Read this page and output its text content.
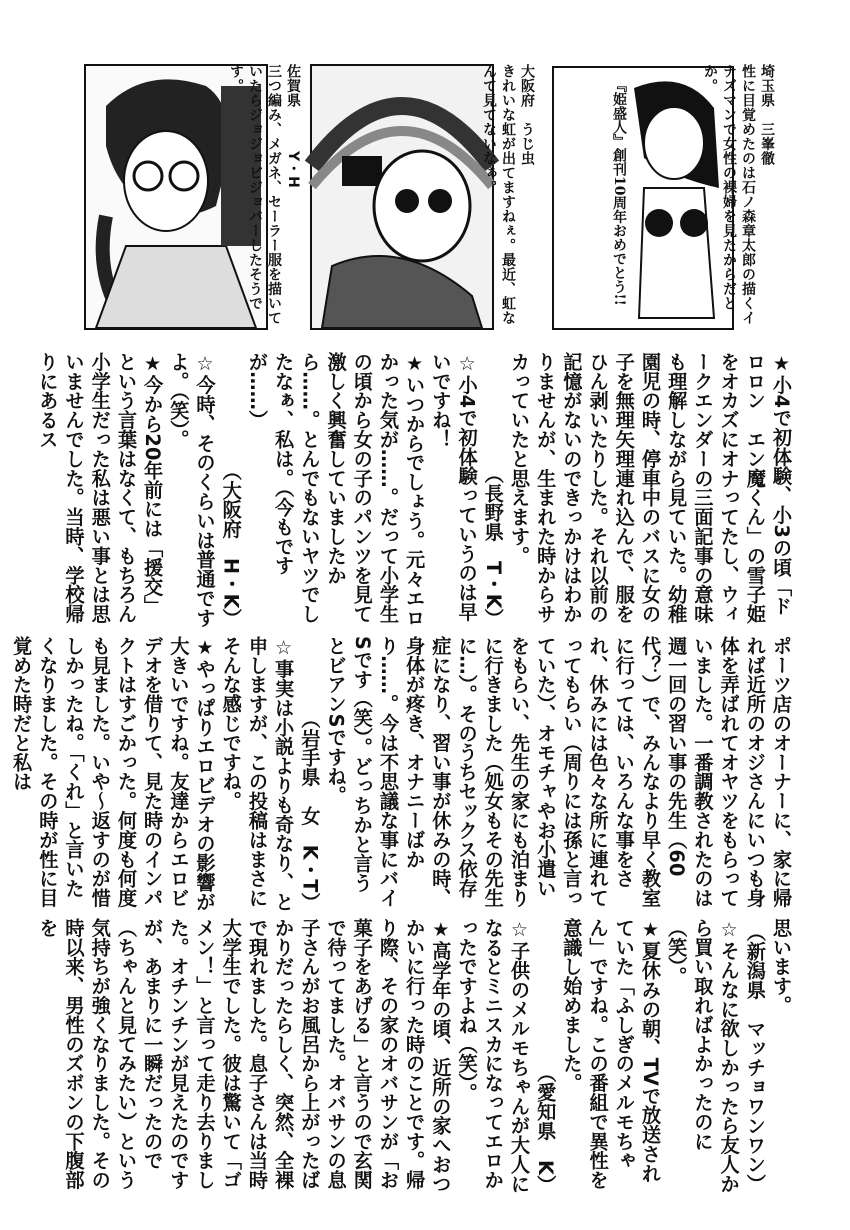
佐賀県　　　Y・H
三つ編み、メガネ、セーラー服を描いていたらジョジョビジョバーしたそうです。	大阪府　うじ虫
きれいな虹が出てますねぇ。最近、虹なんて見てないなぁ。	『姫盛人』創刊10周年おめでとう!!	埼玉県　三峯徹
性に目覚めたのは石ノ森章太郎の描くイナズマンで女性の裸婦を見たからだとか。

★小4で初体験、小3の頃「ドロロン　エン魔くん」の雪子姫をオカズにオナってたし、ウィークエンダーの三面記事の意味も理解しながら見ていた。幼稚園児の時、停車中のバスに女の子を無理矢理連れ込んで、服をひん剥いたりした。それ以前の記憶がないのできっかけはわかりませんが、生まれた時からサカっていたと思えます。

（長野県　T・K）

☆小4で初体験っていうのは早いですね！

★いつからでしょう。元々エロかった気が……。だって小学生の頃から女の子のパンツを見て激しく興奮していましたから……。とんでもないヤツでしたなぁ、私は。（今もですが……）

（大阪府　H・K）

☆今時、そのくらいは普通ですよ。（笑）。

★今から20年前には「援交」という言葉はなくて、もちろん小学生だった私は悪い事とは思いませんでした。当時、学校帰りにあるス

ポーツ店のオーナーに、家に帰れば近所のオジさんにいつも身体を弄ばれてオヤツをもらっていました。一番調教されたのは週一回の習い事の先生（60代？）で、みんなより早く教室に行っては、いろんな事をされ、休みには色々な所に連れてってもらい（周りには孫と言っていた）、オモチャやお小遣いをもらい、先生の家にも泊まりに行きました（処女もその先生に…）。そのうちセックス依存症になり、習い事が休みの時、身体が疼き、オナニーばかり……。今は不思議な事にバイSです（笑）。どっちかと言うとビアンSですね。

（岩手県　女　K・T）

☆事実は小説よりも奇なり、と申しますが、この投稿はまさにそんな感じですね。

★やっぱりエロビデオの影響が大きいですね。友達からエロビデオを借りて、見た時のインパクトはすごかった。何度も何度も見ました。いや～返すのが惜しかったね。「くれ」と言いたくなりました。その時が性に目覚めた時だと私は

思います。

（新潟県　マッチョワンワン）

☆そんなに欲しかったら友人から買い取ればよかったのに（笑）。

★夏休みの朝、TVで放送されていた「ふしぎのメルモちゃん」ですね。この番組で異性を意識し始めました。

（愛知県　K）

☆子供のメルモちゃんが大人になるとミニスカになってエロかったですよね（笑）。

★高学年の頃、近所の家へおつかいに行った時のことです。帰り際、その家のオバサンが「お菓子をあげる」と言うので玄関で待ってました。オバサンの息子さんがお風呂から上がったばかりだったらしく、突然、全裸で現れました。息子さんは当時大学生でした。彼は驚いて「ゴメン！」と言って走り去りました。オチンチンが見えたのですが、あまりに一瞬だったので（ちゃんと見てみたい）という気持ちが強くなりました。その時以来、男性のズボンの下腹部を
